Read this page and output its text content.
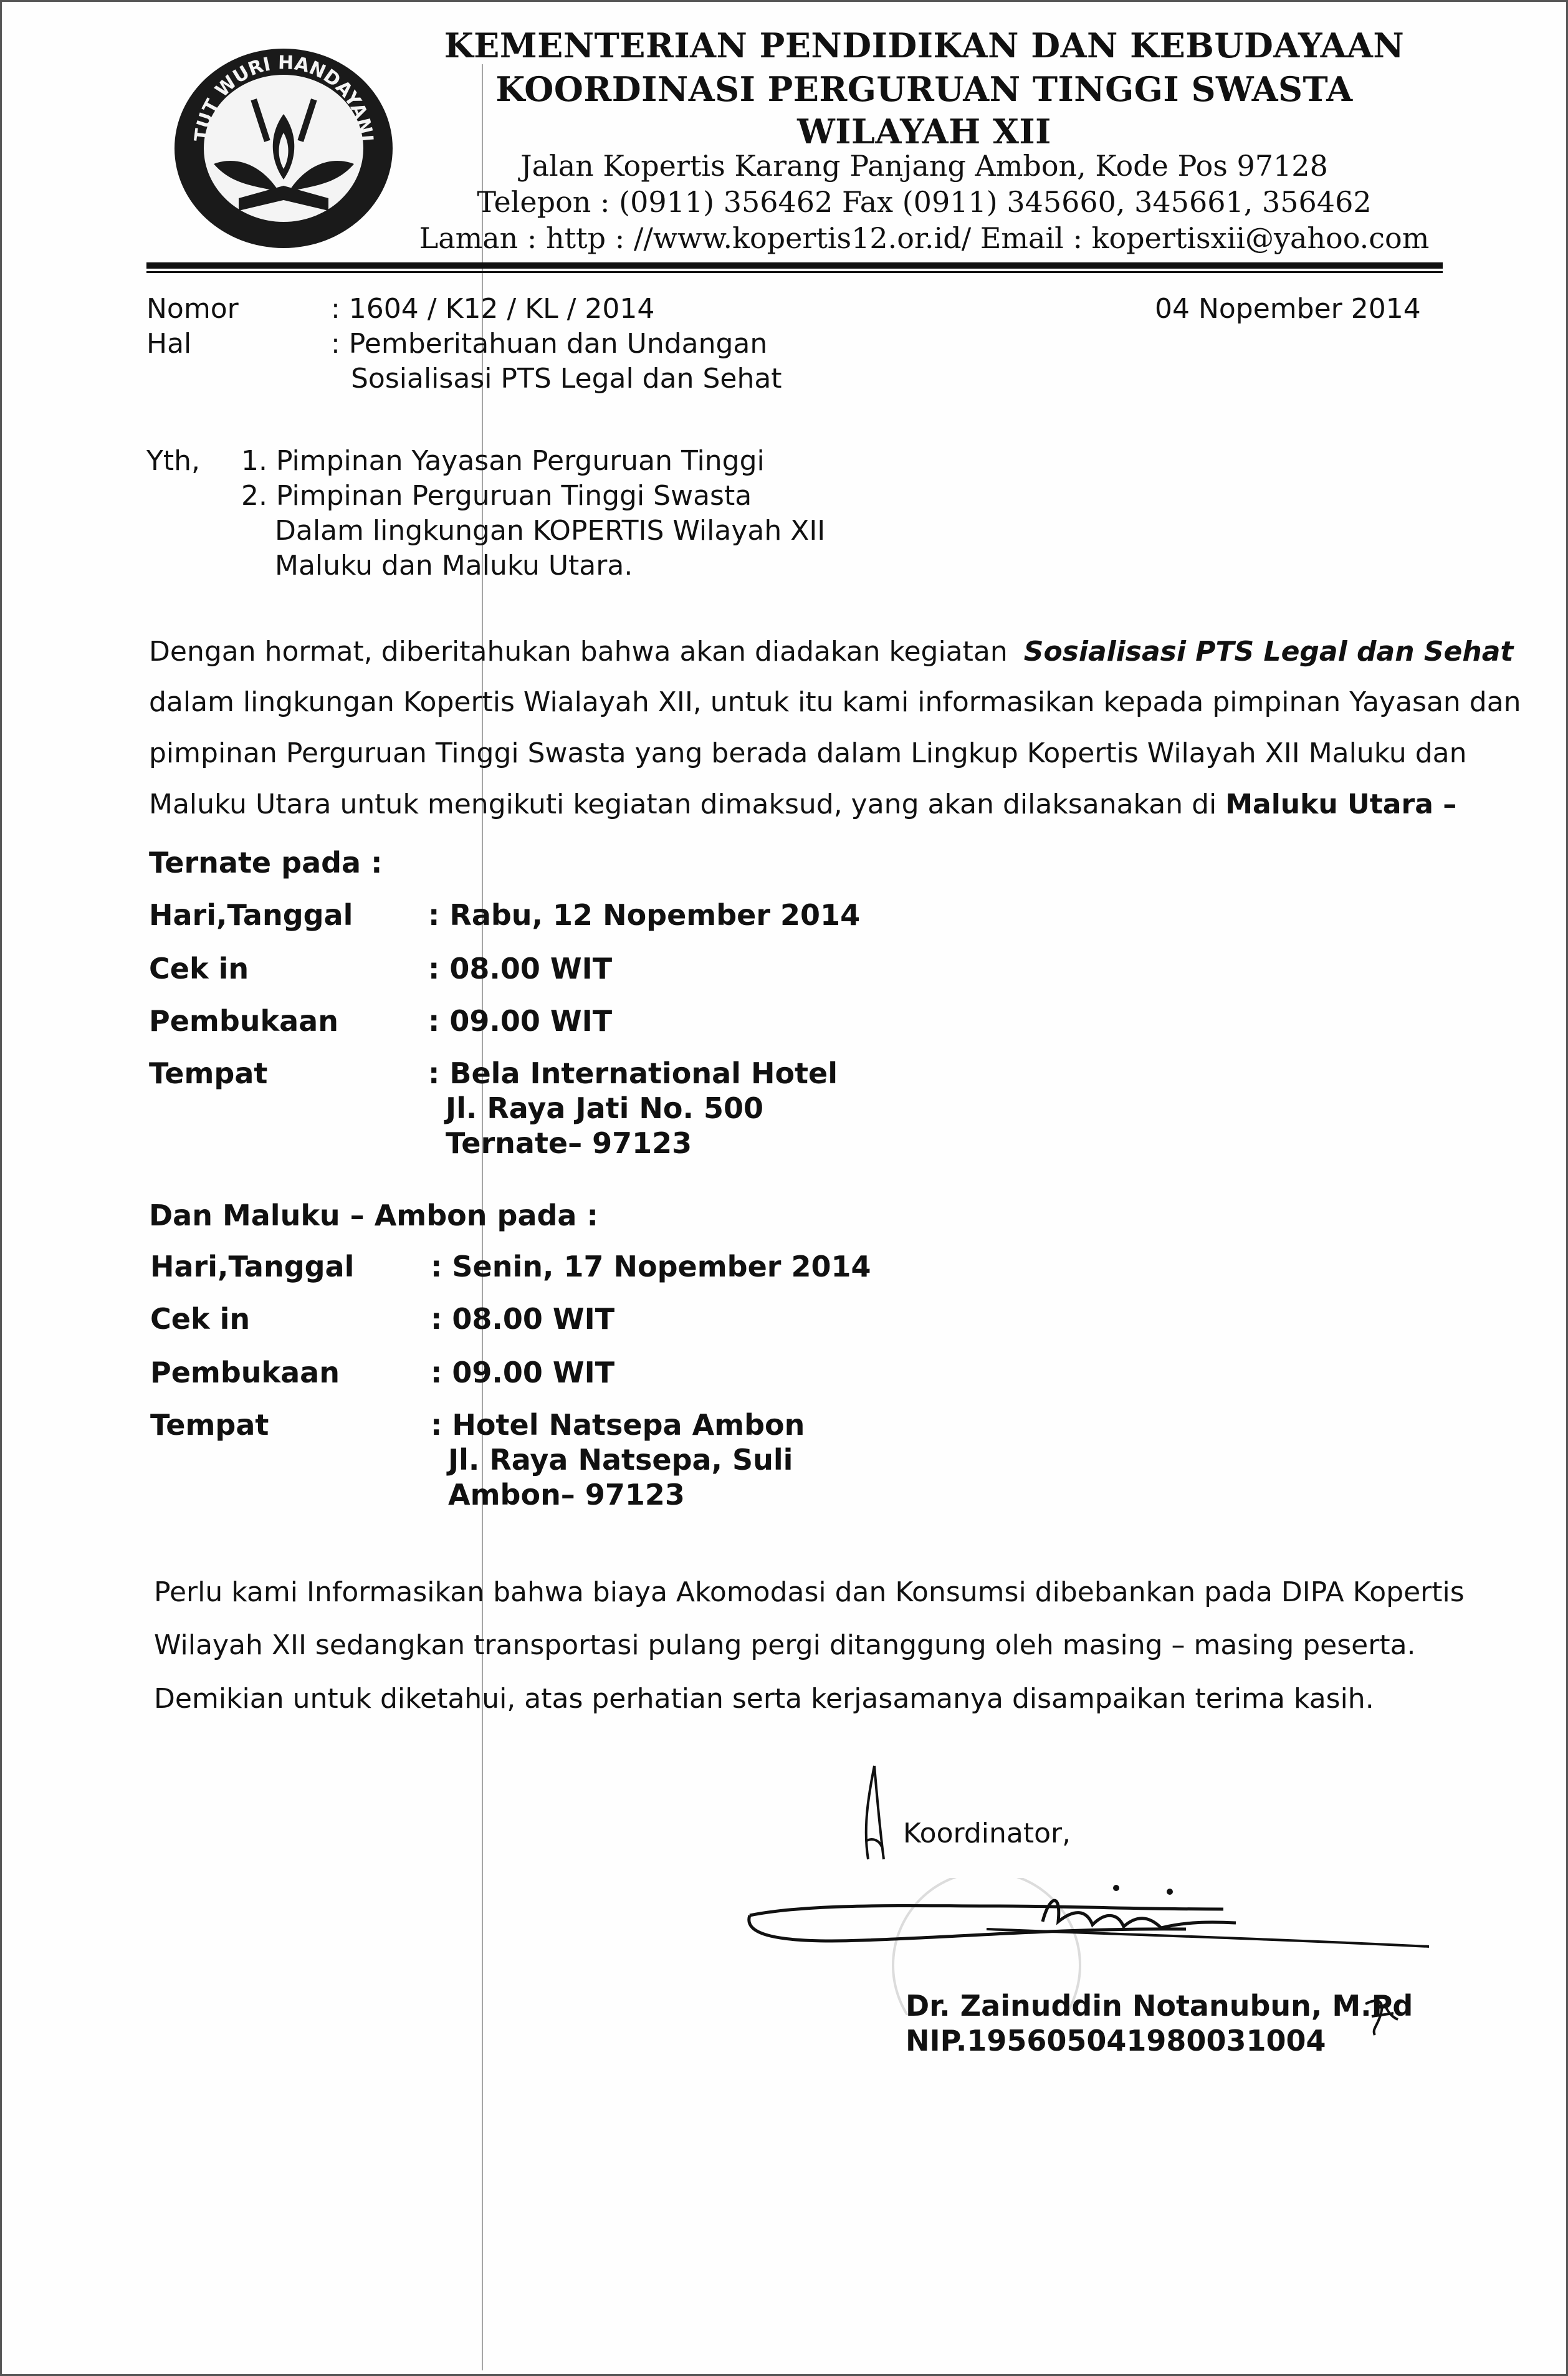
TUT WURI HANDAYANI
KEMENTERIAN PENDIDIKAN DAN KEBUDAYAAN
KOORDINASI PERGURUAN TINGGI SWASTA
WILAYAH XII
Jalan Kopertis Karang Panjang Ambon, Kode Pos 97128
Telepon : (0911) 356462 Fax (0911) 345660, 345661, 356462
Laman : http : //www.kopertis12.or.id/ Email : kopertisxii@yahoo.com
Nomor	: 1604 / K12 / KL / 2014	04 Nopember 2014
Hal	: Pemberitahuan dan Undangan
Sosialisasi PTS Legal dan Sehat
Yth, 1. Pimpinan Yayasan Perguruan Tinggi
2. Pimpinan Perguruan Tinggi Swasta
Dalam lingkungan KOPERTIS Wilayah XII
Maluku dan Maluku Utara.
Dengan hormat, diberitahukan bahwa akan diadakan kegiatan Sosialisasi PTS Legal dan Sehat
dalam lingkungan Kopertis Wialayah XII, untuk itu kami informasikan kepada pimpinan Yayasan dan
pimpinan Perguruan Tinggi Swasta yang berada dalam Lingkup Kopertis Wilayah XII Maluku dan
Maluku Utara untuk mengikuti kegiatan dimaksud, yang akan dilaksanakan di Maluku Utara –
Ternate pada :
Hari,Tanggal	: Rabu, 12 Nopember 2014
Cek in	: 08.00 WIT
Pembukaan	: 09.00 WIT
Tempat	: Bela International Hotel
Jl. Raya Jati No. 500
Ternate– 97123
Dan Maluku – Ambon pada :
Hari,Tanggal	: Senin, 17 Nopember 2014
Cek in	: 08.00 WIT
Pembukaan	: 09.00 WIT
Tempat	: Hotel Natsepa Ambon
Jl. Raya Natsepa, Suli
Ambon– 97123
Perlu kami Informasikan bahwa biaya Akomodasi dan Konsumsi dibebankan pada DIPA Kopertis
Wilayah XII sedangkan transportasi pulang pergi ditanggung oleh masing – masing peserta.
Demikian untuk diketahui, atas perhatian serta kerjasamanya disampaikan terima kasih.
Koordinator,
Dr. Zainuddin Notanubun, M.Pd
NIP.195605041980031004
